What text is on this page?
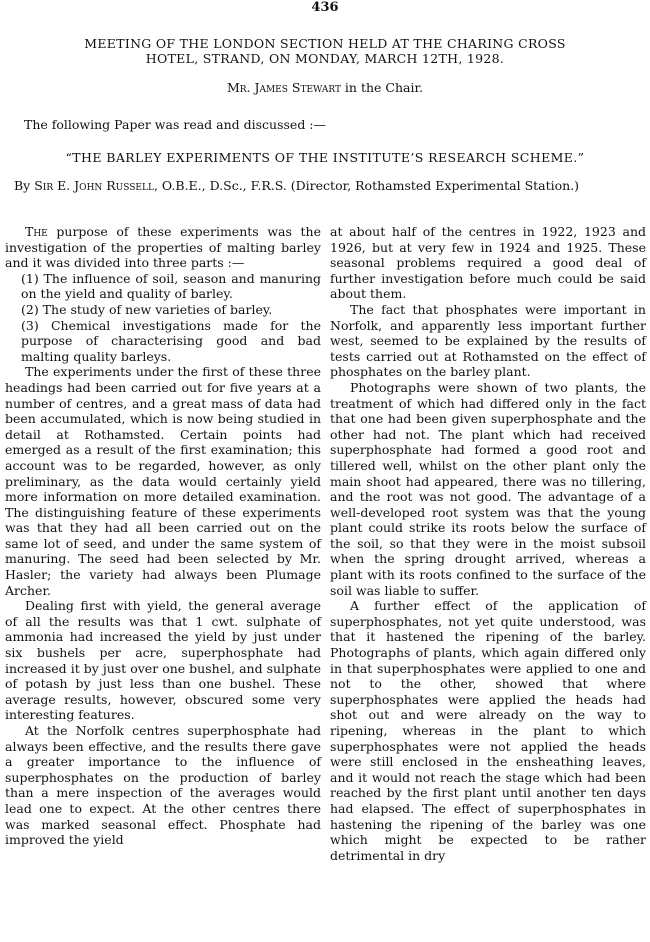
436
MEETING OF THE LONDON SECTION HELD AT THE CHARING CROSS
HOTEL, STRAND, ON MONDAY, MARCH 12TH, 1928.
Mr. James Stewart in the Chair.
The following Paper was read and discussed :—
“THE BARLEY EXPERIMENTS OF THE INSTITUTE’S RESEARCH SCHEME.”
By Sir E. John Russell, O.B.E., D.Sc., F.R.S. (Director, Rothamsted Experimental Station.)

The purpose of these experiments was the investigation of the properties of malting barley and it was divided into three parts :—

(1) The influence of soil, season and manuring on the yield and quality of barley.

(2) The study of new varieties of barley.

(3) Chemical investigations made for the purpose of characterising good and bad malting quality barleys.

The experiments under the first of these three headings had been carried out for five years at a number of centres, and a great mass of data had been accumulated, which is now being studied in detail at Rothamsted. Certain points had emerged as a result of the first examination; this account was to be regarded, however, as only preliminary, as the data would certainly yield more information on more detailed examination. The distinguishing feature of these experiments was that they had all been carried out on the same lot of seed, and under the same system of manuring. The seed had been selected by Mr. Hasler; the variety had always been Plumage Archer.

Dealing first with yield, the general average of all the results was that 1 cwt. sulphate of ammonia had increased the yield by just under six bushels per acre, superphosphate had increased it by just over one bushel, and sulphate of potash by just less than one bushel. These average results, however, obscured some very interesting features.

At the Norfolk centres superphosphate had always been effective, and the results there gave a greater importance to the influence of superphosphates on the production of barley than a mere inspection of the averages would lead one to expect. At the other centres there was marked seasonal effect. Phosphate had improved the yield

at about half of the centres in 1922, 1923 and 1926, but at very few in 1924 and 1925. These seasonal problems required a good deal of further investigation before much could be said about them.

The fact that phosphates were important in Norfolk, and apparently less important further west, seemed to be explained by the results of tests carried out at Rothamsted on the effect of phosphates on the barley plant.

Photographs were shown of two plants, the treatment of which had differed only in the fact that one had been given superphosphate and the other had not. The plant which had received superphosphate had formed a good root and tillered well, whilst on the other plant only the main shoot had appeared, there was no tillering, and the root was not good. The advantage of a well-developed root system was that the young plant could strike its roots below the surface of the soil, so that they were in the moist subsoil when the spring drought arrived, whereas a plant with its roots confined to the surface of the soil was liable to suffer.

A further effect of the application of superphosphates, not yet quite understood, was that it hastened the ripening of the barley. Photographs of plants, which again differed only in that superphosphates were applied to one and not to the other, showed that where superphosphates were applied the heads had shot out and were already on the way to ripening, whereas in the plant to which superphosphates were not applied the heads were still enclosed in the ensheathing leaves, and it would not reach the stage which had been reached by the first plant until another ten days had elapsed. The effect of superphosphates in hastening the ripening of the barley was one which might be expected to be rather detrimental in dry
